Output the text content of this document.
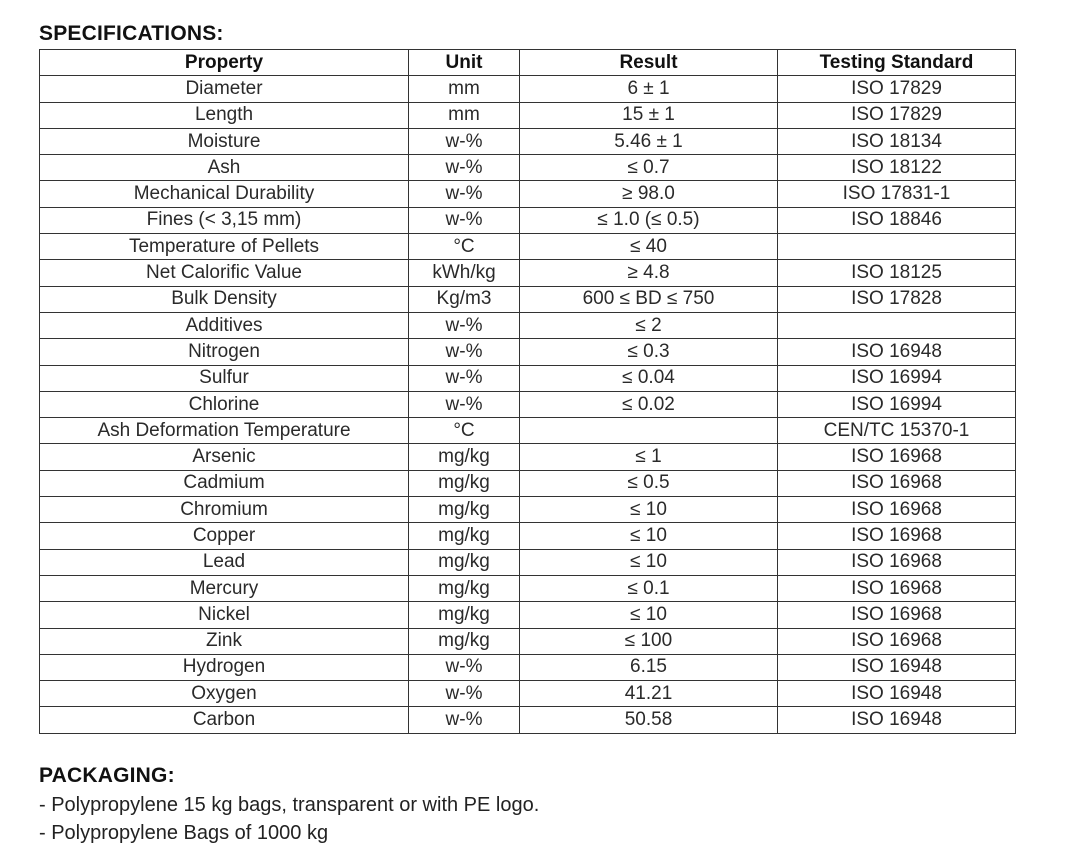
SPECIFICATIONS:
Property	Unit	Result	Testing Standard
Diameter	mm	6 ± 1	ISO 17829
Length	mm	15 ± 1	ISO 17829
Moisture	w-%	5.46 ± 1	ISO 18134
Ash	w-%	≤ 0.7	ISO 18122
Mechanical Durability	w-%	≥ 98.0	ISO 17831-1
Fines (< 3,15 mm)	w-%	≤ 1.0 (≤ 0.5)	ISO 18846
Temperature of Pellets	°C	≤ 40	
Net Calorific Value	kWh/kg	≥ 4.8	ISO 18125
Bulk Density	Kg/m3	600 ≤ BD ≤ 750	ISO 17828
Additives	w-%	≤ 2	
Nitrogen	w-%	≤ 0.3	ISO 16948
Sulfur	w-%	≤ 0.04	ISO 16994
Chlorine	w-%	≤ 0.02	ISO 16994
Ash Deformation Temperature	°C		CEN/TC 15370-1
Arsenic	mg/kg	≤ 1	ISO 16968
Cadmium	mg/kg	≤ 0.5	ISO 16968
Chromium	mg/kg	≤ 10	ISO 16968
Copper	mg/kg	≤ 10	ISO 16968
Lead	mg/kg	≤ 10	ISO 16968
Mercury	mg/kg	≤ 0.1	ISO 16968
Nickel	mg/kg	≤ 10	ISO 16968
Zink	mg/kg	≤ 100	ISO 16968
Hydrogen	w-%	6.15	ISO 16948
Oxygen	w-%	41.21	ISO 16948
Carbon	w-%	50.58	ISO 16948
PACKAGING:
- Polypropylene 15 kg bags, transparent or with PE logo.
- Polypropylene Bags of 1000 kg
